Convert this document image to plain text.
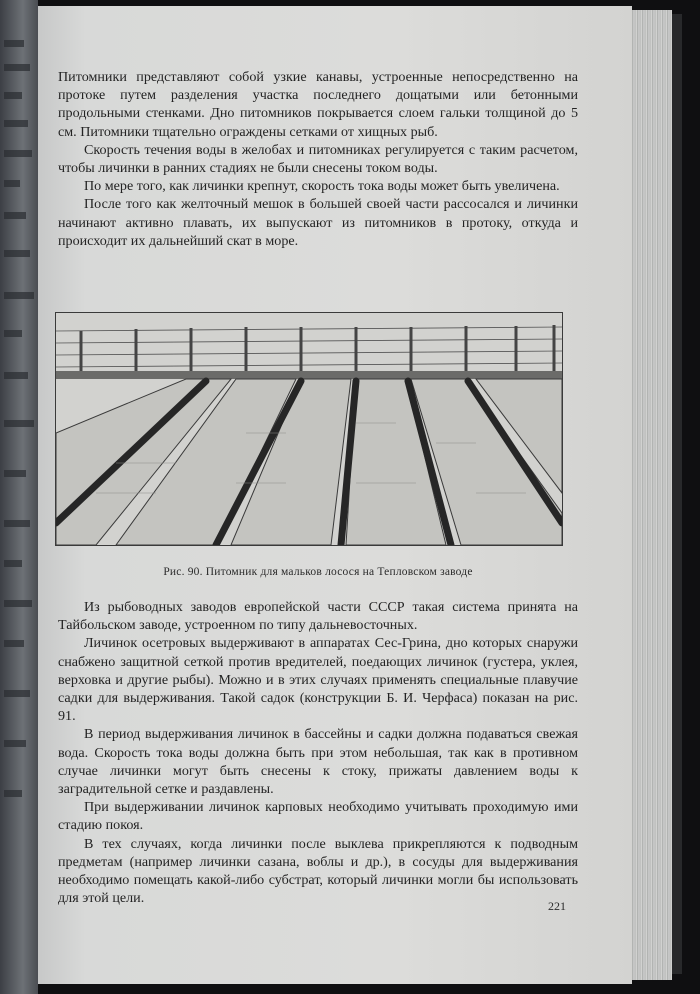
Питомники представляют собой узкие канавы, устроенные непосредственно на протоке путем разделения участка последнего дощатыми или бетонными продольными стенками. Дно питомников покрывается слоем гальки толщиной до 5 см. Питомники тщательно ограждены сетками от хищных рыб.

Скорость течения воды в желобах и питомниках регулируется с таким расчетом, чтобы личинки в ранних стадиях не были снесены током воды.

По мере того, как личинки крепнут, скорость тока воды может быть увеличена.

После того как желточный мешок в большей своей части рассосался и личинки начинают активно плавать, их выпускают из питомников в протоку, откуда и происходит их дальнейший скат в море.

Рис. 90. Питомник для мальков лосося на Тепловском заводе

Из рыбоводных заводов европейской части СССР такая система принята на Тайбольском заводе, устроенном по типу дальневосточных.

Личинок осетровых выдерживают в аппаратах Сес-Грина, дно которых снаружи снабжено защитной сеткой против вредителей, поедающих личинок (густера, уклея, верховка и другие рыбы). Можно и в этих случаях применять специальные плавучие садки для выдерживания. Такой садок (конструкции Б. И. Черфаса) показан на рис. 91.

В период выдерживания личинок в бассейны и садки должна подаваться свежая вода. Скорость тока воды должна быть при этом небольшая, так как в противном случае личинки могут быть снесены к стоку, прижаты давлением воды к заградительной сетке и раздавлены.

При выдерживании личинок карповых необходимо учитывать проходимую ими стадию покоя.

В тех случаях, когда личинки после выклева прикрепляются к подводным предметам (например личинки сазана, воблы и др.), в сосуды для выдерживания необходимо помещать какой-либо субстрат, который личинки могли бы использовать для этой цели.	221
